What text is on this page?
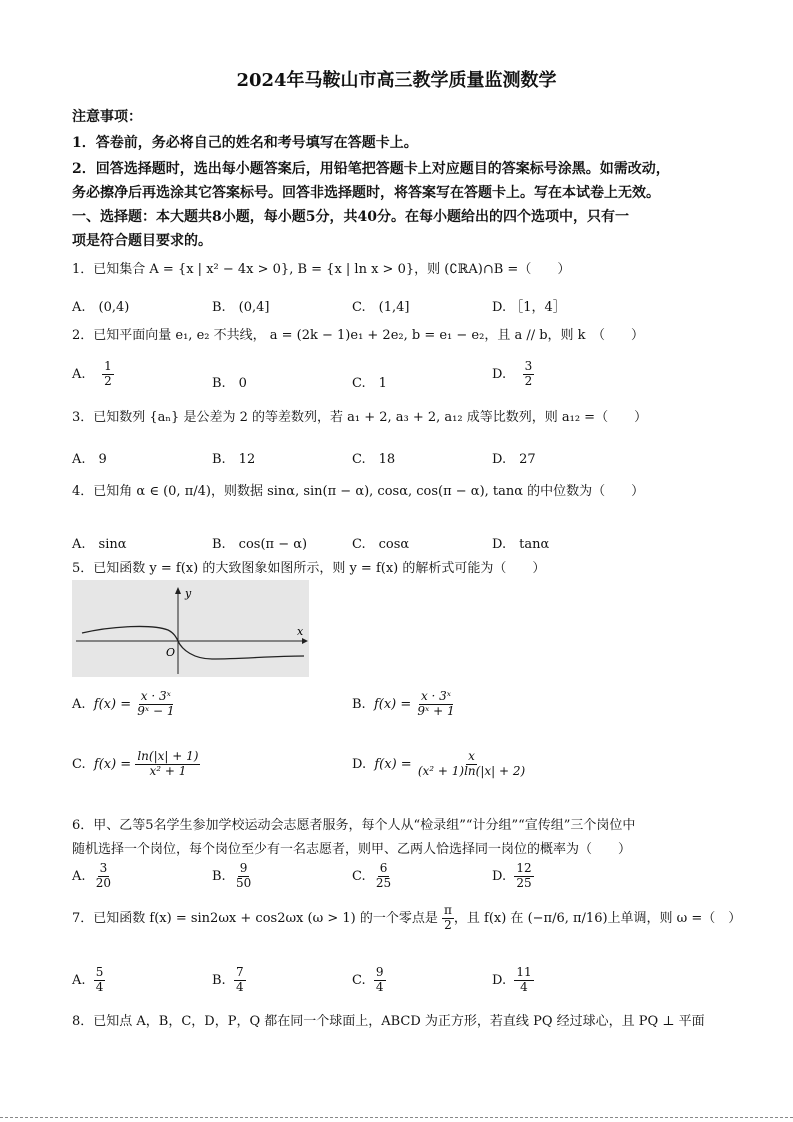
2024年马鞍山市高三教学质量监测数学
注意事项：
1．答卷前，务必将自己的姓名和考号填写在答题卡上。
2．回答选择题时，选出每小题答案后，用铅笔把答题卡上对应题目的答案标号涂黑。如需改动，
务必擦净后再选涂其它答案标号。回答非选择题时，将答案写在答题卡上。写在本试卷上无效。
一、选择题：本大题共8小题，每小题5分，共40分。在每小题给出的四个选项中，只有一
项是符合题目要求的。
1．已知集合 A = {x | x² − 4x > 0}, B = {x | ln x > 0}，则 (∁ℝA)∩B =（　　）
A.　(0,4)	B.　(0,4]	C.　(1,4]	D. ［1，4］
2．已知平面向量 e₁, e₂ 不共线， a = (2k − 1)e₁ + 2e₂, b = e₁ − e₂，且 a // b，则 k　（　　）
A. $\frac{1}{2}$	B.　0	C.　1
D. $\frac{3}{2}$
3．已知数列 {aₙ} 是公差为 2 的等差数列，若 a₁ + 2, a₃ + 2, a₁₂ 成等比数列，则 a₁₂ =（　　）
A.　9	B.　12	C.　18	D.　27
4．已知角 α ∈ (0, π/4)，则数据 sinα, sin(π − α), cosα, cos(π − α), tanα 的中位数为（　　）
A.　sinα	B.　cos(π − α)	C.　cosα	D.　tanα
5．已知函数 y = f(x) 的大致图象如图所示，则 y = f(x) 的解析式可能为（　　）
y
x
O
A. $f(x) = \frac{\text{x · 3ˣ}}{\text{9ˣ − 1}}$	B. $f(x) = \frac{\text{x · 3ˣ}}{\text{9ˣ + 1}}$
C. $f(x) = \frac{\ln(|x| + 1)}{\text{x² + 1}}$	D. $f(x) = \frac{x}{\text{(x² + 1)ln(|x| + 2)}}$
6．甲、乙等5名学生参加学校运动会志愿者服务，每个人从“检录组”“计分组”“宣传组”三个岗位中
随机选择一个岗位，每个岗位至少有一名志愿者，则甲、乙两人恰选择同一岗位的概率为（　　）
A. $\frac{3}{20}$	B. $\frac{9}{50}$	C. $\frac{6}{25}$	D. $\frac{12}{25}$
7．已知函数 f(x) = sin2ωx + cos2ωx (ω > 1) 的一个零点是 $\frac{\pi}{2}$ ，且 f(x) 在 (−π/6, π/16)上单调，则 ω =（　）
A. $\frac{5}{4}$	B. $\frac{7}{4}$	C. $\frac{9}{4}$	D. $\frac{11}{4}$
8．已知点 A，B，C，D，P，Q 都在同一个球面上，ABCD 为正方形，若直线 PQ 经过球心，且 PQ ⊥ 平面
